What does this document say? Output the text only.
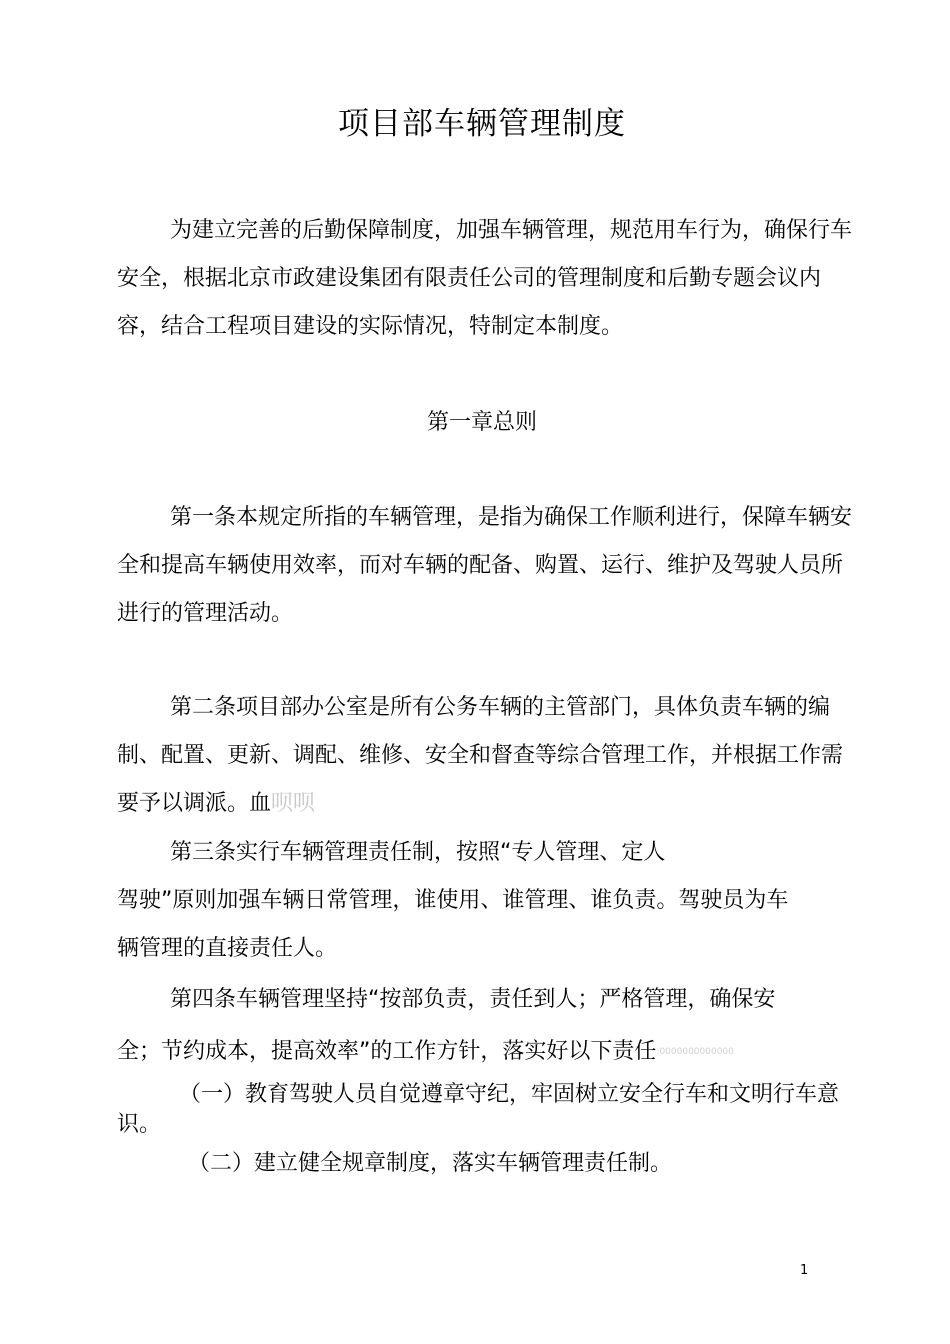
项目部车辆管理制度

为建立完善的后勤保障制度，加强车辆管理，规范用车行为，确保行车安全，根据北京市政建设集团有限责任公司的管理制度和后勤专题会议内容，结合工程项目建设的实际情况，特制定本制度。

第一章总则

第一条本规定所指的车辆管理，是指为确保工作顺利进行，保障车辆安全和提高车辆使用效率，而对车辆的配备、购置、运行、维护及驾驶人员所进行的管理活动。

第二条项目部办公室是所有公务车辆的主管部门，具体负责车辆的编制、配置、更新、调配、维修、安全和督查等综合管理工作，并根据工作需要予以调派。血呗呗

第三条实行车辆管理责任制，按照“专人管理、定人
驾驶”原则加强车辆日常管理，谁使用、谁管理、谁负责。驾驶员为车
辆管理的直接责任人。
第四条车辆管理坚持“按部负责，责任到人；严格管理，确保安
全；节约成本，提高效率”的工作方针，落实好以下责任:0000000000000

（一）教育驾驶人员自觉遵章守纪，牢固树立安全行车和文明行车意识。

（二）建立健全规章制度，落实车辆管理责任制。
1
